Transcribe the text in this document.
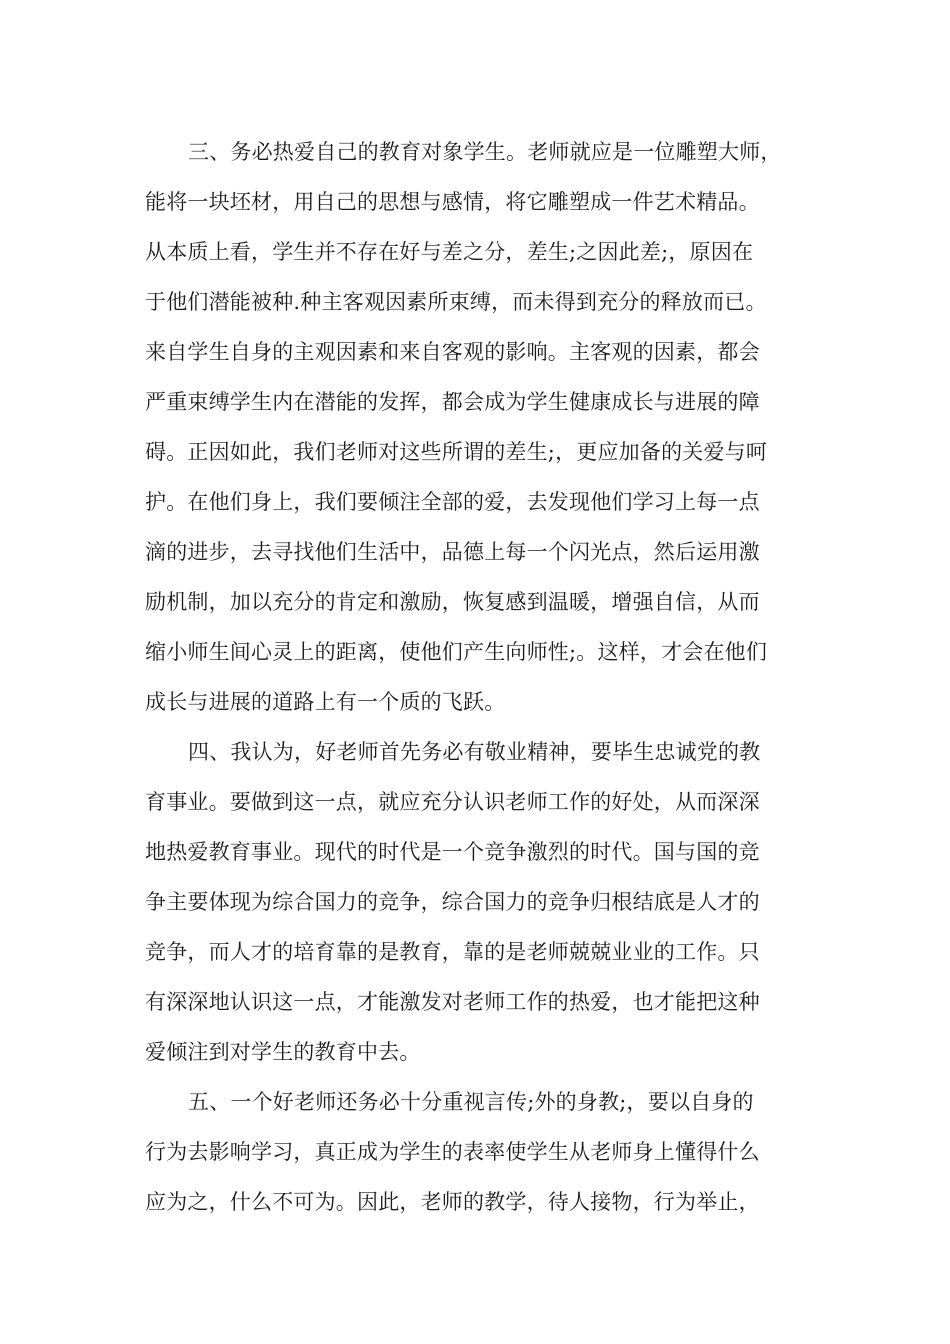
三、务必热爱自己的教育对象学生。老师就应是一位雕塑大师，
能将一块坯材，用自己的思想与感情，将它雕塑成一件艺术精品。
从本质上看，学生并不存在好与差之分，差生;之因此差;，原因在
于他们潜能被种.种主客观因素所束缚，而未得到充分的释放而已。
来自学生自身的主观因素和来自客观的影响。主客观的因素，都会
严重束缚学生内在潜能的发挥，都会成为学生健康成长与进展的障
碍。正因如此，我们老师对这些所谓的差生;，更应加备的关爱与呵
护。在他们身上，我们要倾注全部的爱，去发现他们学习上每一点
滴的进步，去寻找他们生活中，品德上每一个闪光点，然后运用激
励机制，加以充分的肯定和激励，恢复感到温暖，增强自信，从而
缩小师生间心灵上的距离，使他们产生向师性;。这样，才会在他们
成长与进展的道路上有一个质的飞跃。
四、我认为，好老师首先务必有敬业精神，要毕生忠诚党的教
育事业。要做到这一点，就应充分认识老师工作的好处，从而深深
地热爱教育事业。现代的时代是一个竞争激烈的时代。国与国的竞
争主要体现为综合国力的竞争，综合国力的竞争归根结底是人才的
竞争，而人才的培育靠的是教育，靠的是老师兢兢业业的工作。只
有深深地认识这一点，才能激发对老师工作的热爱，也才能把这种
爱倾注到对学生的教育中去。
五、一个好老师还务必十分重视言传;外的身教;，要以自身的
行为去影响学习，真正成为学生的表率使学生从老师身上懂得什么
应为之，什么不可为。因此，老师的教学，待人接物，行为举止，
